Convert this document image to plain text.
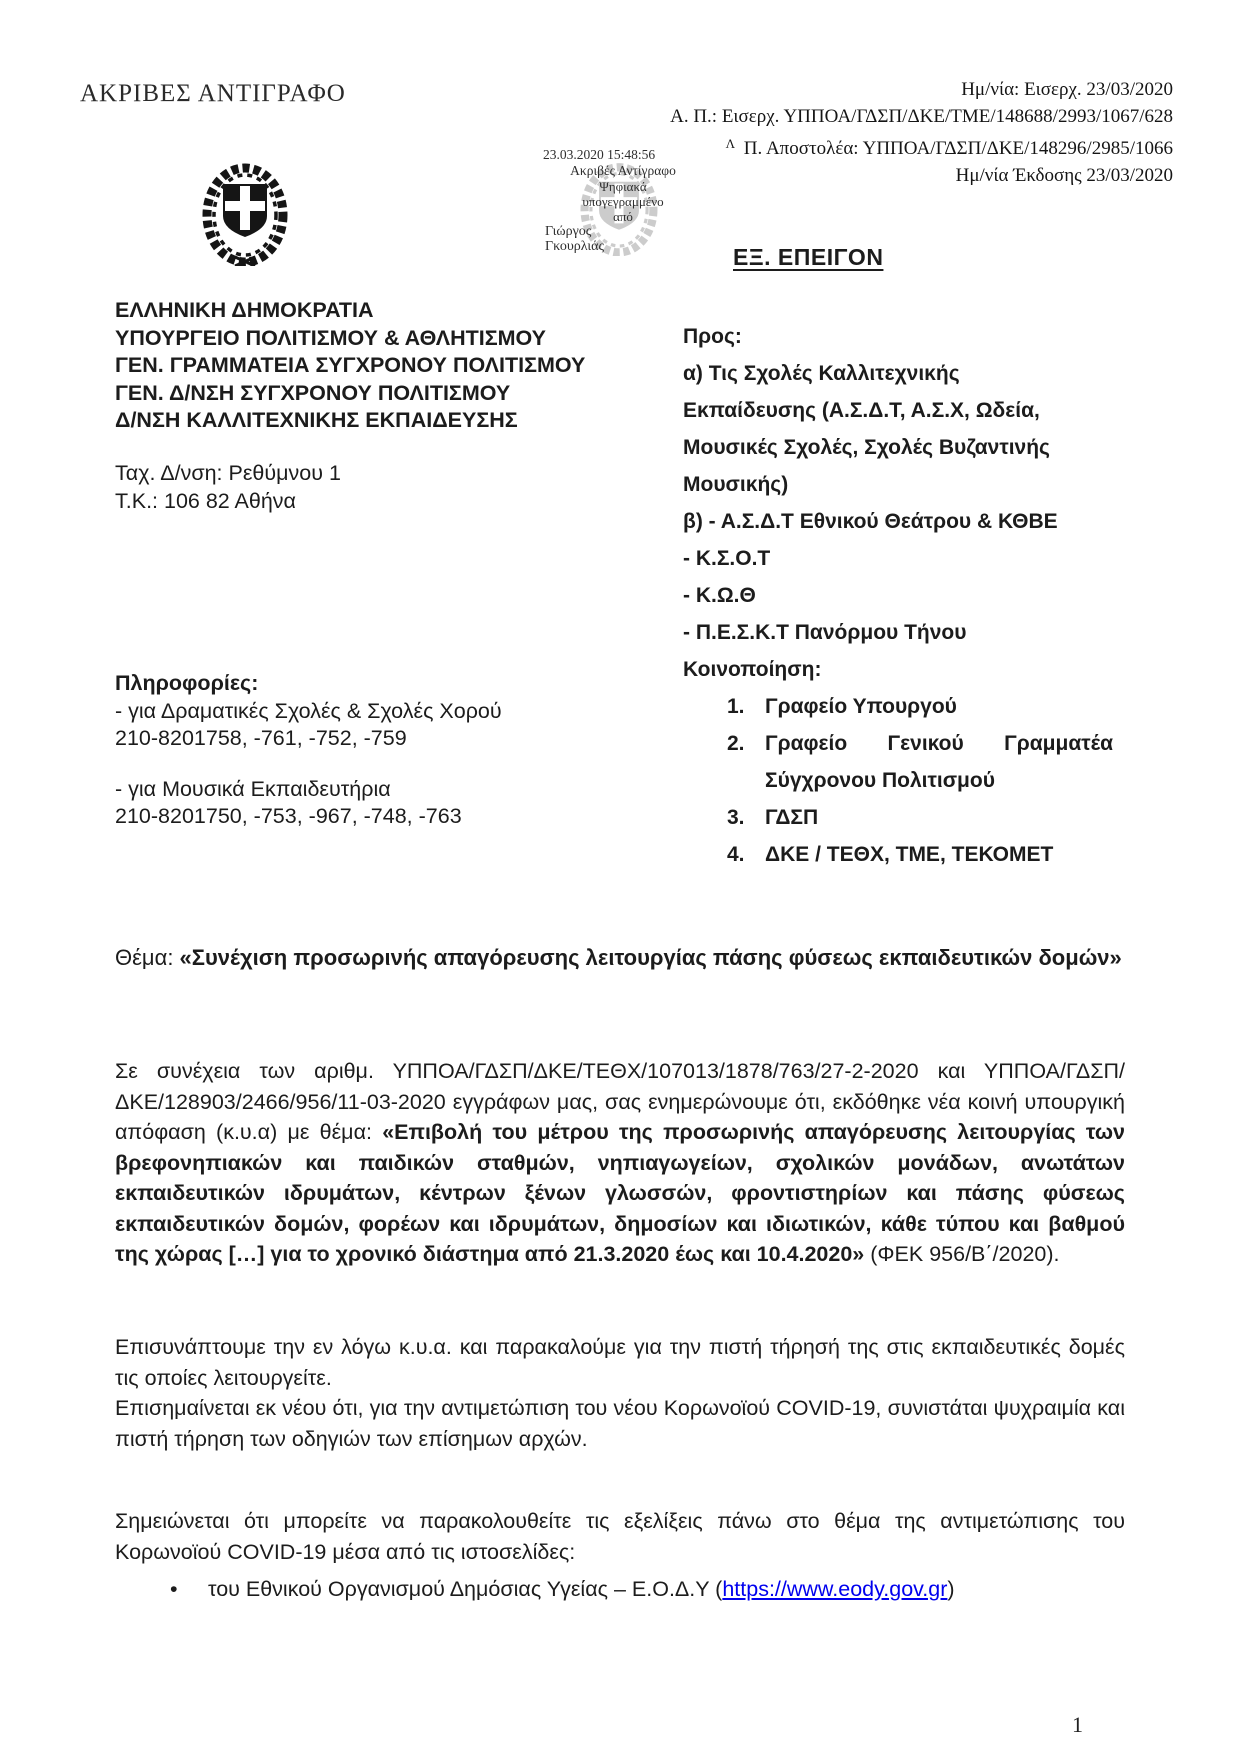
ΑΚΡΙΒΕΣ ΑΝΤΙΓΡΑΦΟ	Ημ/νία: Εισερχ. 23/03/2020
Α. Π.: Εισερχ. ΥΠΠΟΑ/ΓΔΣΠ/ΔΚΕ/ΤΜΕ/148688/2993/1067/628
$^\Lambda$ Π. Αποστολέα: ΥΠΠΟΑ/ΓΔΣΠ/ΔΚΕ/148296/2985/1066
Ημ/νία Έκδοσης 23/03/2020
23.03.2020 15:48:56
Ακριβές Αντίγραφο
Ψηφιακά
υπογεγραμμένο
από
Γιώργος
Γκουρλιάς	ΕΞ. ΕΠΕΙΓΟΝ
ΕΛΛΗΝΙΚΗ ΔΗΜΟΚΡΑΤΙΑ
ΥΠΟΥΡΓΕΙΟ ΠΟΛΙΤΙΣΜΟΥ & ΑΘΛΗΤΙΣΜΟΥ
ΓΕΝ. ΓΡΑΜΜΑΤΕΙΑ ΣΥΓΧΡΟΝΟΥ ΠΟΛΙΤΙΣΜΟΥ
ΓΕΝ. Δ/ΝΣΗ ΣΥΓΧΡΟΝΟΥ ΠΟΛΙΤΙΣΜΟΥ
Δ/ΝΣΗ ΚΑΛΛΙΤΕΧΝΙΚΗΣ ΕΚΠΑΙΔΕΥΣΗΣ
Ταχ. Δ/νση: Ρεθύμνου 1
Τ.Κ.: 106 82 Αθήνα
Πληροφορίες:
- για Δραματικές Σχολές & Σχολές Χορού
210-8201758, -761, -752, -759
- για Μουσικά Εκπαιδευτήρια
210-8201750, -753, -967, -748, -763
Προς:
α) Τις Σχολές Καλλιτεχνικής
Εκπαίδευσης (Α.Σ.Δ.Τ, Α.Σ.Χ, Ωδεία,
Μουσικές Σχολές, Σχολές Βυζαντινής
Μουσικής)
β) - Α.Σ.Δ.Τ Εθνικού Θεάτρου & ΚΘΒΕ
- Κ.Σ.Ο.Τ
- Κ.Ω.Θ
- Π.Ε.Σ.Κ.Τ Πανόρμου Τήνου
Κοινοποίηση:
1. Γραφείο Υπουργού
2. Γραφείο Γενικού Γραμματέα Σύγχρονου Πολιτισμού
3. ΓΔΣΠ
4. ΔΚΕ / ΤΕΘΧ, ΤΜΕ, ΤΕΚΟΜΕΤ
Θέμα: «Συνέχιση προσωρινής απαγόρευσης λειτουργίας πάσης φύσεως εκπαιδευτικών δομών»
Σε συνέχεια των αριθμ. ΥΠΠΟΑ/ΓΔΣΠ/ΔΚΕ/ΤΕΘΧ/107013/1878/763/27-2-2020 και ΥΠΠΟΑ/ΓΔΣΠ/ΔΚΕ/128903/2466/956/11-03-2020 εγγράφων μας, σας ενημερώνουμε ότι, εκδόθηκε νέα κοινή υπουργική απόφαση (κ.υ.α) με θέμα: «Επιβολή του μέτρου της προσωρινής απαγόρευσης λειτουργίας των βρεφονηπιακών και παιδικών σταθμών, νηπιαγωγείων, σχολικών μονάδων, ανωτάτων εκπαιδευτικών ιδρυμάτων, κέντρων ξένων γλωσσών, φροντιστηρίων και πάσης φύσεως εκπαιδευτικών δομών, φορέων και ιδρυμάτων, δημοσίων και ιδιωτικών, κάθε τύπου και βαθμού της χώρας […] για το χρονικό διάστημα από 21.3.2020 έως και 10.4.2020» (ΦΕΚ 956/Β΄/2020).
Επισυνάπτουμε την εν λόγω κ.υ.α. και παρακαλούμε για την πιστή τήρησή της στις εκπαιδευτικές δομές τις οποίες λειτουργείτε.
Επισημαίνεται εκ νέου ότι, για την αντιμετώπιση του νέου Κορωνοϊού COVID-19, συνιστάται ψυχραιμία και πιστή τήρηση των οδηγιών των επίσημων αρχών.
Σημειώνεται ότι μπορείτε να παρακολουθείτε τις εξελίξεις πάνω στο θέμα της αντιμετώπισης του Κορωνοϊού COVID-19 μέσα από τις ιστοσελίδες:
•	του Εθνικού Οργανισμού Δημόσιας Υγείας – Ε.Ο.Δ.Υ (https://www.eody.gov.gr)
1
